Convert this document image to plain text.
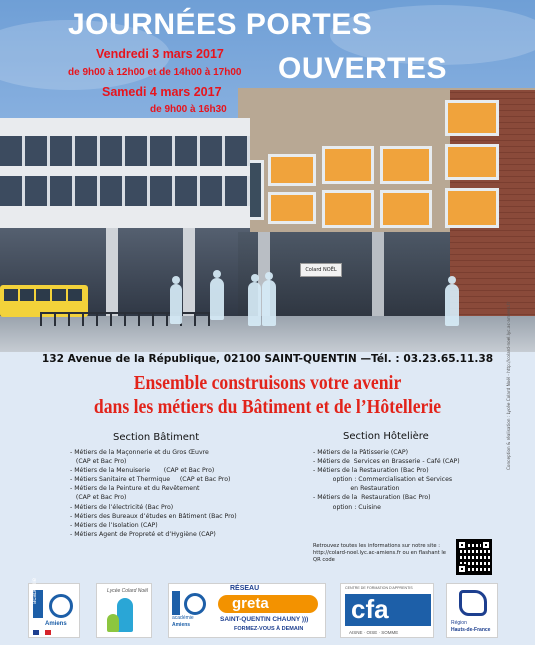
Colard NOËL
JOURNÉES PORTES
OUVERTES
Vendredi 3 mars 2017
de 9h00 à 12h00 et de 14h00 à 17h00
Samedi 4 mars 2017
de 9h00 à 16h30
132 Avenue de la République, 02100 SAINT-QUENTIN —Tél. : 03.23.65.11.38
Ensemble construisons votre avenir
dans les métiers du Bâtiment et de l’Hôtellerie
Section Bâtiment
- Métiers de la Maçonnerie et du Gros Œuvre
(CAP et Bac Pro)
- Métiers de la Menuiserie       (CAP et Bac Pro)
- Métiers Sanitaire et Thermique     (CAP et Bac Pro)
- Métiers de la Peinture et du Revêtement
(CAP et Bac Pro)
- Métiers de l’électricité (Bac Pro)
- Métiers des Bureaux d’études en Bâtiment (Bac Pro)
- Métiers de l’Isolation (CAP)
- Métiers Agent de Propreté et d’Hygiène (CAP)
Section Hôtelière
- Métiers de la Pâtisserie (CAP)
- Métiers de  Services en Brasserie - Café (CAP)
- Métiers de la Restauration (Bac Pro)
option : Commercialisation et Services
en Restauration
- Métiers de la  Restauration (Bac Pro)
option : Cuisine
Retrouvez toutes les informations sur notre site : http://colard-noel.lyc.ac-amiens.fr ou en flashant le QR code
Conception & réalisation : Lycée Colard Noël - http://colard-noel.lyc.ac-amiens.fr
académie
Amiens
Lycée Colard Noël	RÉSEAU
académie
Amiens
greta
SAINT-QUENTIN CHAUNY )))
FORMEZ-VOUS À DEMAIN
CENTRE DE FORMATION D'APPRENTIS
cfa
AISNE · OISE · SOMME
Région
Hauts-de-France
